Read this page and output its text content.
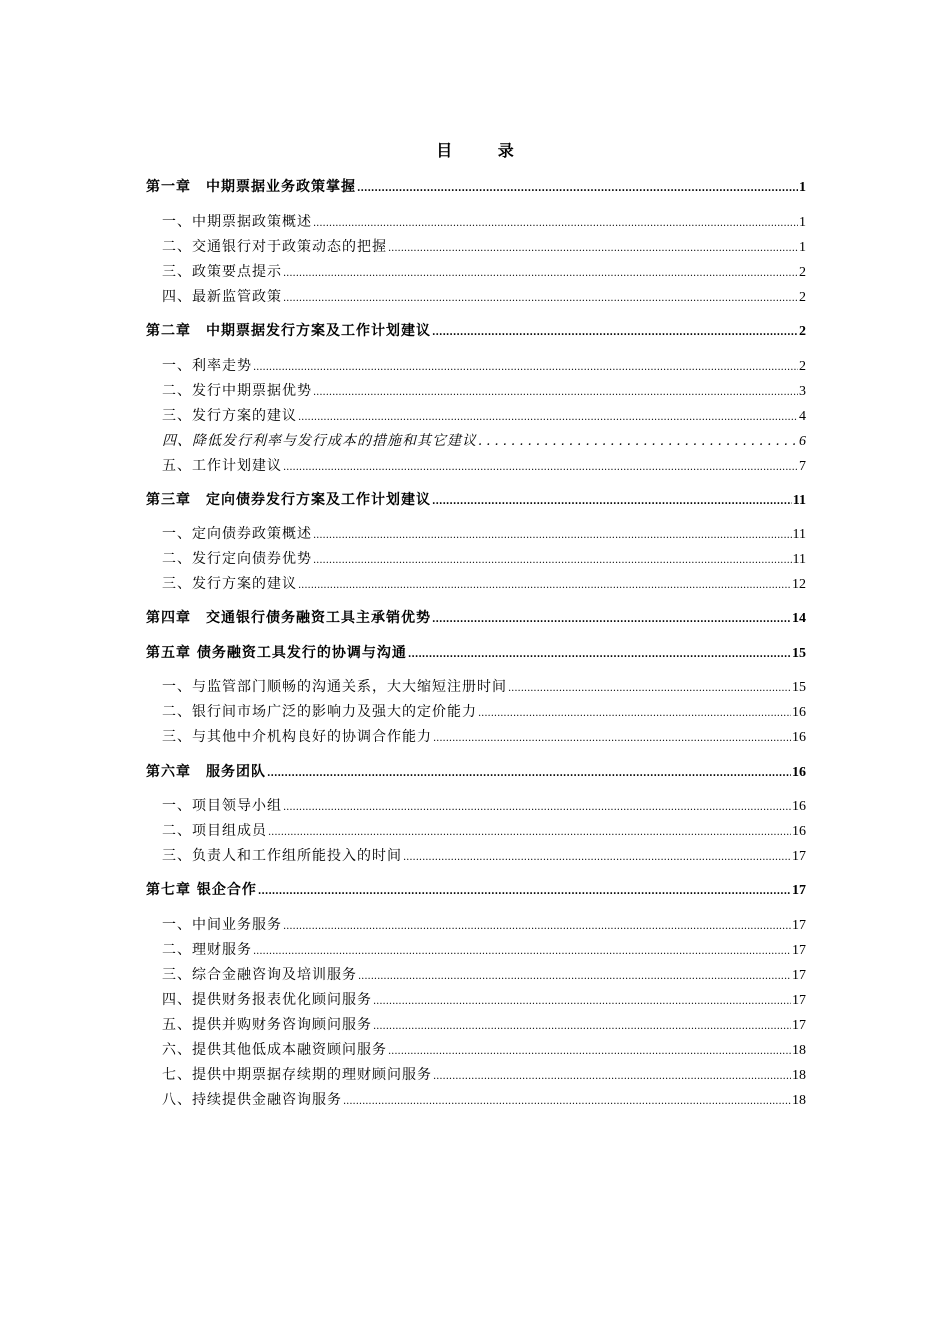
目 录
第一章　中期票据业务政策掌握 .....	1
一、中期票据政策概述 .....	1
二、交通银行对于政策动态的把握 .....	1
三、政策要点提示 .....	2
四、最新监管政策 .....	2
第二章　中期票据发行方案及工作计划建议 .....	2
一、利率走势 .....	2
二、发行中期票据优势 .....	3
三、发行方案的建议 .....	4
四、降低发行利率与发行成本的措施和其它建议 . . .	6
五、工作计划建议 .....	7
第三章　定向债券发行方案及工作计划建议 .....	11
一、定向债券政策概述 .....	11
二、发行定向债券优势 .....	11
三、发行方案的建议 .....	12
第四章　交通银行债务融资工具主承销优势 .....	14
第五章 债务融资工具发行的协调与沟通 .....	15
一、与监管部门顺畅的沟通关系，大大缩短注册时间 .....	15
二、银行间市场广泛的影响力及强大的定价能力 .....	16
三、与其他中介机构良好的协调合作能力 .....	16
第六章　服务团队 .....	16
一、项目领导小组 .....	16
二、项目组成员 .....	16
三、负责人和工作组所能投入的时间 .....	17
第七章 银企合作 .....	17
一、中间业务服务 .....	17
二、理财服务 .....	17
三、综合金融咨询及培训服务 .....	17
四、提供财务报表优化顾问服务 .....	17
五、提供并购财务咨询顾问服务 .....	17
六、提供其他低成本融资顾问服务 .....	18
七、提供中期票据存续期的理财顾问服务 .....	18
八、持续提供金融咨询服务 .....	18
